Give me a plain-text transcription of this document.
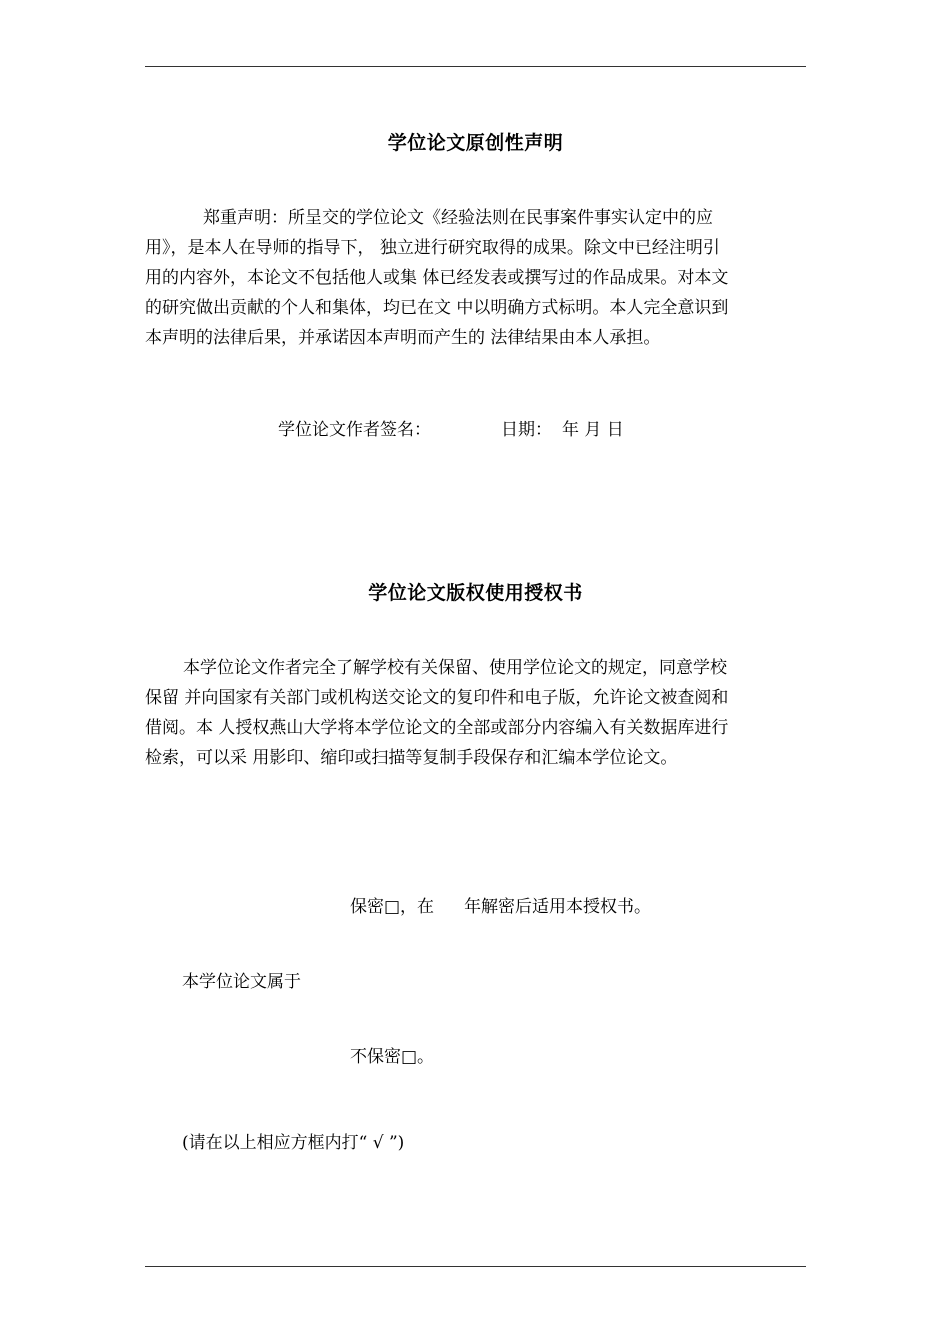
学位论文原创性声明
郑重声明：所呈交的学位论文《经验法则在民事案件事实认定中的应
用》，是本人在导师的指导下， 独立进行研究取得的成果。除文中已经注明引
用的内容外，本论文不包括他人或集 体已经发表或撰写过的作品成果。对本文
的研究做出贡献的个人和集体，均已在文 中以明确方式标明。本人完全意识到
本声明的法律后果，并承诺因本声明而产生的 法律结果由本人承担。
学位论文作者签名：	日期： 年 月 日
学位论文版权使用授权书
本学位论文作者完全了解学校有关保留、使用学位论文的规定，同意学校
保留 并向国家有关部门或机构送交论文的复印件和电子版，允许论文被查阅和
借阅。本 人授权燕山大学将本学位论文的全部或部分内容编入有关数据库进行
检索，可以采 用影印、缩印或扫描等复制手段保存和汇编本学位论文。
保密□，在 年解密后适用本授权书。
本学位论文属于
不保密□。
(请在以上相应方框内打“ √ ”)
